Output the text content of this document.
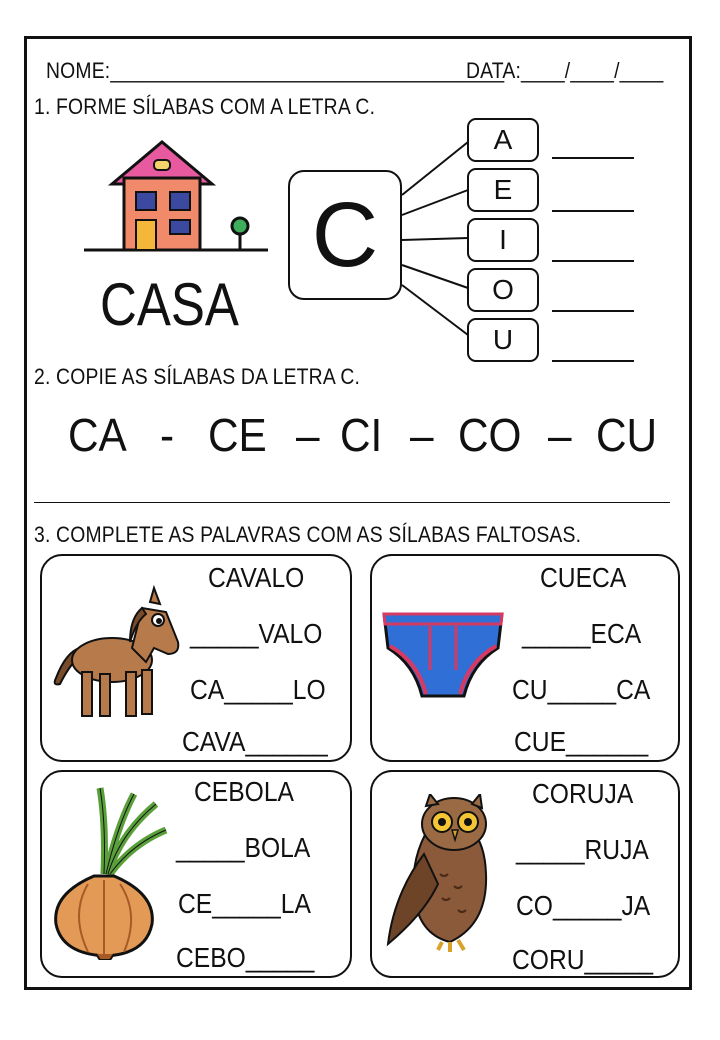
NOME:____________________________________
DATA:____/____/____
1. FORME SÍLABAS COM A LETRA C.
CASA
C
A
E
I
O
U
2. COPIE AS SÍLABAS DA LETRA C.
CA - CE – CI – CO – CU
3. COMPLETE AS PALAVRAS COM AS SÍLABAS FALTOSAS.
CAVALO
_____VALO
CA_____LO
CAVA______
CUECA
_____ECA
CU_____CA
CUE______
CEBOLA
_____BOLA
CE_____LA
CEBO_____
CORUJA
_____RUJA
CO_____JA
CORU_____
